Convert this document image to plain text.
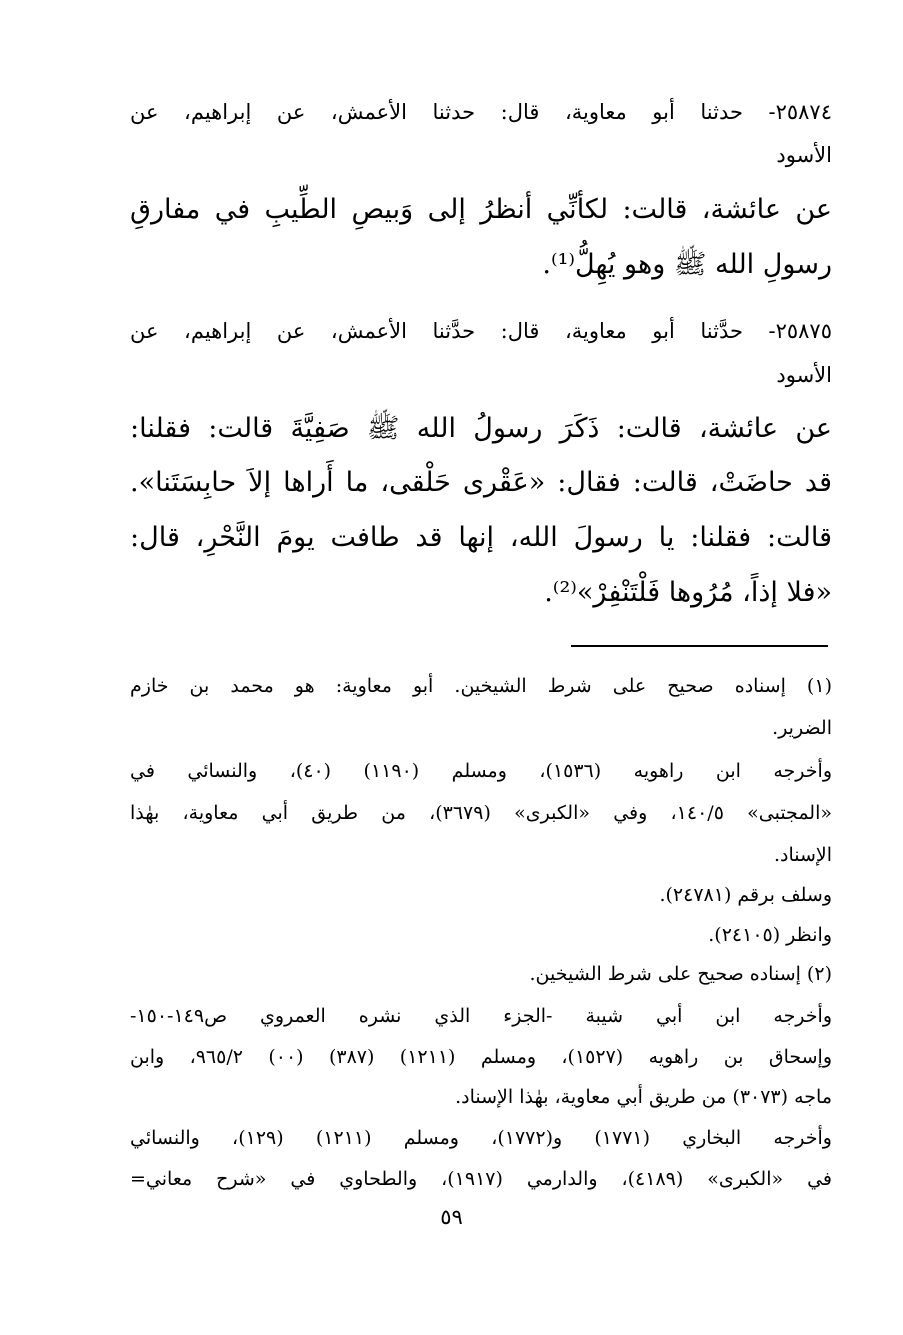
٢٥٨٧٤- حدثنا أبو معاوية، قال: حدثنا الأعمش، عن إبراهيم، عن
الأسود
عن عائشة، قالت: لكأنِّي أنظرُ إلى وَبيصِ الطِّيبِ في مفارقِ
رسولِ الله ﷺ وهو يُهِلُّ⁽¹⁾.
٢٥٨٧٥- حدَّثنا أبو معاوية، قال: حدَّثنا الأعمش، عن إبراهيم، عن
الأسود
عن عائشة، قالت: ذَكَرَ رسولُ الله ﷺ صَفِيَّةَ قالت: فقلنا:
قد حاضَتْ، قالت: فقال: «عَقْرى حَلْقى، ما أَراها إلاَ حابِسَتَنا».
قالت: فقلنا: يا رسولَ الله، إنها قد طافت يومَ النَّحْرِ، قال:
«فلا إذاً، مُرُوها فَلْتَنْفِرْ»⁽²⁾.
(١) إسناده صحيح على شرط الشيخين. أبو معاوية: هو محمد بن خازم
الضرير.
وأخرجه ابن راهويه (١٥٣٦)، ومسلم (١١٩٠) (٤٠)، والنسائي في
«المجتبى» ١٤٠/٥، وفي «الكبرى» (٣٦٧٩)، من طريق أبي معاوية، بهٰذا
الإسناد.
وسلف برقم (٢٤٧٨١).
وانظر (٢٤١٠٥).
(٢) إسناده صحيح على شرط الشيخين.
وأخرجه ابن أبي شيبة -الجزء الذي نشره العمروي ص١٤٩-١٥٠-
وإسحاق بن راهويه (١٥٢٧)، ومسلم (١٢١١) (٣٨٧) (٠٠) ٩٦٥/٢، وابن
ماجه (٣٠٧٣) من طريق أبي معاوية، بهٰذا الإسناد.
وأخرجه البخاري (١٧٧١) و(١٧٧٢)، ومسلم (١٢١١) (١٢٩)، والنسائي
في «الكبرى» (٤١٨٩)، والدارمي (١٩١٧)، والطحاوي في «شرح معاني=
٥٩
